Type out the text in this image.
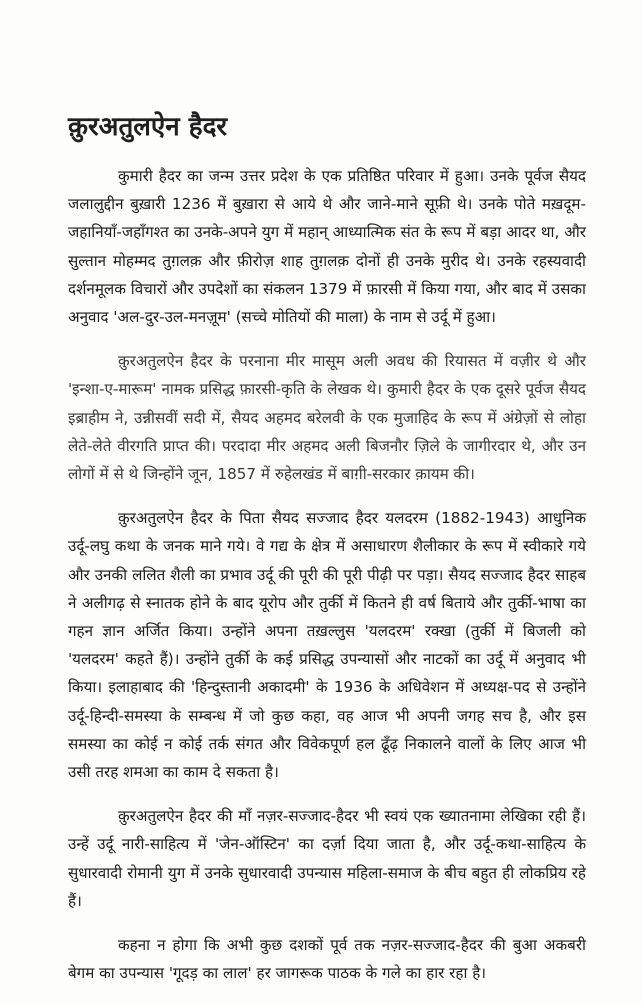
क़ुरअतुलऐन हैदर

कुमारी हैदर का जन्म उत्तर प्रदेश के एक प्रतिष्ठित परिवार में हुआ। उनके पूर्वज सैयद जलालुद्दीन बुख़ारी 1236 में बुख़ारा से आये थे और जाने-माने सूफ़ी थे। उनके पोते मख़दूम-जहानियाँ-जहाँगश्त का उनके-अपने युग में महान् आध्यात्मिक संत के रूप में बड़ा आदर था, और सुल्तान मोहम्मद तुग़लक़ और फ़ीरोज़ शाह तुग़लक़ दोनों ही उनके मुरीद थे। उनके रहस्यवादी दर्शनमूलक विचारों और उपदेशों का संकलन 1379 में फ़ारसी में किया गया, और बाद में उसका अनुवाद 'अल-दुर-उल-मनज़ूम' (सच्चे मोतियों की माला) के नाम से उर्दू में हुआ।

क़ुरअतुलऐन हैदर के परनाना मीर मासूम अली अवध की रियासत में वज़ीर थे और 'इन्शा-ए-मारूम' नामक प्रसिद्ध फ़ारसी-कृति के लेखक थे। कुमारी हैदर के एक दूसरे पूर्वज सैयद इब्राहीम ने, उन्नीसवीं सदी में, सैयद अहमद बरेलवी के एक मुजाहिद के रूप में अंग्रेज़ों से लोहा लेते-लेते वीरगति प्राप्त की। परदादा मीर अहमद अली बिजनौर ज़िले के जागीरदार थे, और उन लोगों में से थे जिन्होंने जून, 1857 में रुहेलखंड में बाग़ी-सरकार क़ायम की।

क़ुरअतुलऐन हैदर के पिता सैयद सज्जाद हैदर यलदरम (1882-1943) आधुनिक उर्दू-लघु कथा के जनक माने गये। वे गद्य के क्षेत्र में असाधारण शैलीकार के रूप में स्वीकारे गये और उनकी ललित शैली का प्रभाव उर्दू की पूरी की पूरी पीढ़ी पर पड़ा। सैयद सज्जाद हैदर साहब ने अलीगढ़ से स्नातक होने के बाद यूरोप और तुर्की में कितने ही वर्ष बिताये और तुर्की-भाषा का गहन ज्ञान अर्जित किया। उन्होंने अपना तख़ल्लुस 'यलदरम' रक्खा (तुर्की में बिजली को 'यलदरम' कहते हैं)। उन्होंने तुर्की के कई प्रसिद्ध उपन्यासों और नाटकों का उर्दू में अनुवाद भी किया। इलाहाबाद की 'हिन्दुस्तानी अकादमी' के 1936 के अधिवेशन में अध्यक्ष-पद से उन्होंने उर्दू-हिन्दी-समस्या के सम्बन्ध में जो कुछ कहा, वह आज भी अपनी जगह सच है, और इस समस्या का कोई न कोई तर्क संगत और विवेकपूर्ण हल ढूँढ़ निकालने वालों के लिए आज भी उसी तरह शमआ का काम दे सकता है।

क़ुरअतुलऐन हैदर की माँ नज़र-सज्जाद-हैदर भी स्वयं एक ख्यातनामा लेखिका रही हैं। उन्हें उर्दू नारी-साहित्य में 'जेन-ऑस्टिन' का दर्ज़ा दिया जाता है, और उर्दू-कथा-साहित्य के सुधारवादी रोमानी युग में उनके सुधारवादी उपन्यास महिला-समाज के बीच बहुत ही लोकप्रिय रहे हैं।

कहना न होगा कि अभी कुछ दशकों पूर्व तक नज़र-सज्जाद-हैदर की बुआ अकबरी बेगम का उपन्यास 'गूदड़ का लाल' हर जागरूक पाठक के गले का हार रहा है।
